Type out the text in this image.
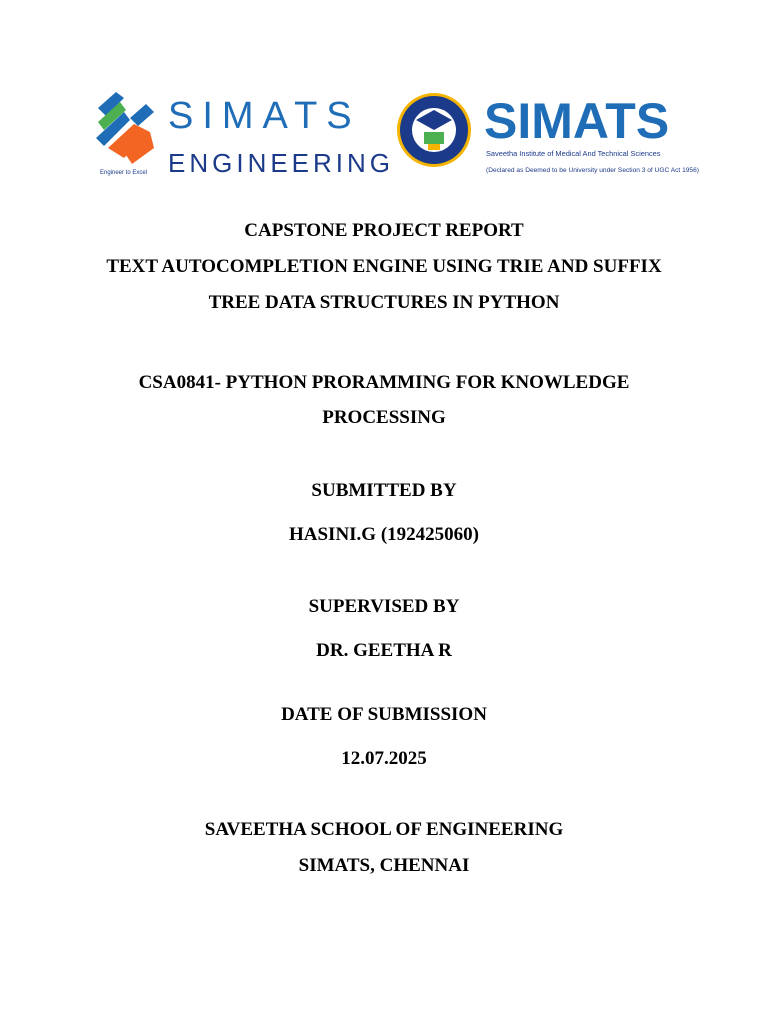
Engineer to Excel
SIMATS
ENGINEERING
SIMATS
Saveetha Institute of Medical And Technical Sciences
(Declared as Deemed to be University under Section 3 of UGC Act 1956)
CAPSTONE PROJECT REPORT
TEXT AUTOCOMPLETION ENGINE USING TRIE AND SUFFIX
TREE DATA STRUCTURES IN PYTHON
CSA0841- PYTHON PRORAMMING FOR KNOWLEDGE
PROCESSING
SUBMITTED BY
HASINI.G (192425060)
SUPERVISED BY
DR. GEETHA R
DATE OF SUBMISSION
12.07.2025
SAVEETHA SCHOOL OF ENGINEERING
SIMATS, CHENNAI
